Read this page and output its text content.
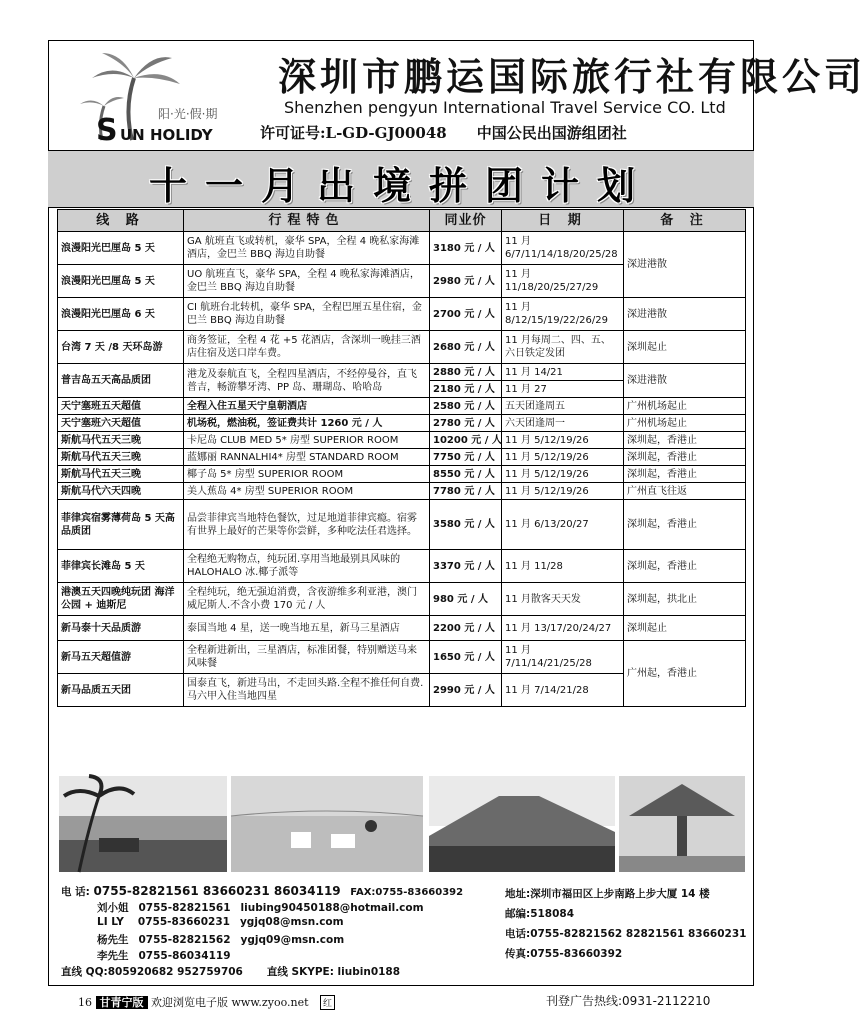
阳·光·假·期
S UN HOLIDY
深圳市鹏运国际旅行社有限公司
Shenzhen pengyun International Travel Service CO. Ltd
许可证号:L-GD-GJ00048 中国公民出国游组团社
十一月出境拼团计划
线 路	行程特色	同业价	日 期	备 注
浪漫阳光巴厘岛 5 天	GA 航班直飞或转机，豪华 SPA，全程 4 晚私家海滩酒店，金巴兰 BBQ 海边自助餐	3180 元 / 人	11 月 6/7/11/14/18/20/25/28	深进港散
浪漫阳光巴厘岛 5 天	UO 航班直飞，豪华 SPA，全程 4 晚私家海滩酒店，金巴兰 BBQ 海边自助餐	2980 元 / 人	11 月 11/18/20/25/27/29	
浪漫阳光巴厘岛 6 天	CI 航班台北转机，豪华 SPA，全程巴厘五星住宿，金巴兰 BBQ 海边自助餐	2700 元 / 人	11 月 8/12/15/19/22/26/29	深进港散
台湾 7 天 /8 天环岛游	商务签证，全程 4 花 +5 花酒店，含深圳一晚挂三酒店住宿及送口岸车费。	2680 元 / 人	11 月每周二、四、五、六日铁定发团	深圳起止
普吉岛五天高品质团	港龙及泰航直飞，全程四星酒店，不经停曼谷，直飞普吉，畅游攀牙湾、PP 岛、珊瑚岛、哈哈岛	2880 元 / 人	11 月 14/21	深进港散
		2180 元 / 人	11 月 27	
天宁塞班五天超值	全程入住五星天宁皇朝酒店	2580 元 / 人	五天团逢周五	广州机场起止
天宁塞班六天超值	机场税，燃油税，签证费共计 1260 元 / 人	2780 元 / 人	六天团逢周一	广州机场起止
斯航马代五天三晚	卡尼岛 CLUB MED 5* 房型 SUPERIOR ROOM	10200 元 / 人	11 月 5/12/19/26	深圳起，香港止
斯航马代五天三晚	蓝娜丽 RANNALHI4* 房型 STANDARD ROOM	7750 元 / 人	11 月 5/12/19/26	深圳起，香港止
斯航马代五天三晚	椰子岛 5* 房型 SUPERIOR ROOM	8550 元 / 人	11 月 5/12/19/26	深圳起，香港止
斯航马代六天四晚	美人蕉岛 4* 房型 SUPERIOR ROOM	7780 元 / 人	11 月 5/12/19/26	广州直飞往返
菲律宾宿雾薄荷岛 5 天高品质团	品尝菲律宾当地特色餐饮，过足地道菲律宾瘾。宿雾有世界上最好的芒果等你尝鲜，多种吃法任君选择。	3580 元 / 人	11 月 6/13/20/27	深圳起，香港止
菲律宾长滩岛 5 天	全程绝无购物点，纯玩团.享用当地最别具风味的 HALOHALO 冰.椰子派等	3370 元 / 人	11 月 11/28	深圳起，香港止
港澳五天四晚纯玩团 海洋公园 + 迪斯尼	全程纯玩，绝无强迫消费，含夜游维多利亚港，澳门威尼斯人.不含小费 170 元 / 人	980 元 / 人	11 月散客天天发	深圳起，拱北止
新马泰十天品质游	泰国当地 4 星，送一晚当地五星，新马三星酒店	2200 元 / 人	11 月 13/17/20/24/27	深圳起止
新马五天超值游	全程新进新出，三星酒店，标准团餐，特别赠送马来风味餐	1650 元 / 人	11 月 7/11/14/21/25/28	广州起，香港止
新马品质五天团	国泰直飞，新进马出，不走回头路.全程不推任何自费.马六甲入住当地四星	2990 元 / 人	11 月 7/14/21/28	
电 话: 0755-82821561 83660231 86034119 FAX:0755-83660392
刘小姐 0755-82821561 liubing90450188@hotmail.com
LI LY 0755-83660231 ygjq08@msn.com
杨先生 0755-82821562 ygjq09@msn.com
李先生 0755-86034119
直线 QQ:805920682 952759706 直线 SKYPE: liubin0188
地址:深圳市福田区上步南路上步大厦 14 楼
邮编:518084
电话:0755-82821562 82821561 83660231
传真:0755-83660392
16 甘青宁版 欢迎浏览电子版 www.zyoo.net 红	刊登广告热线:0931-2112210
